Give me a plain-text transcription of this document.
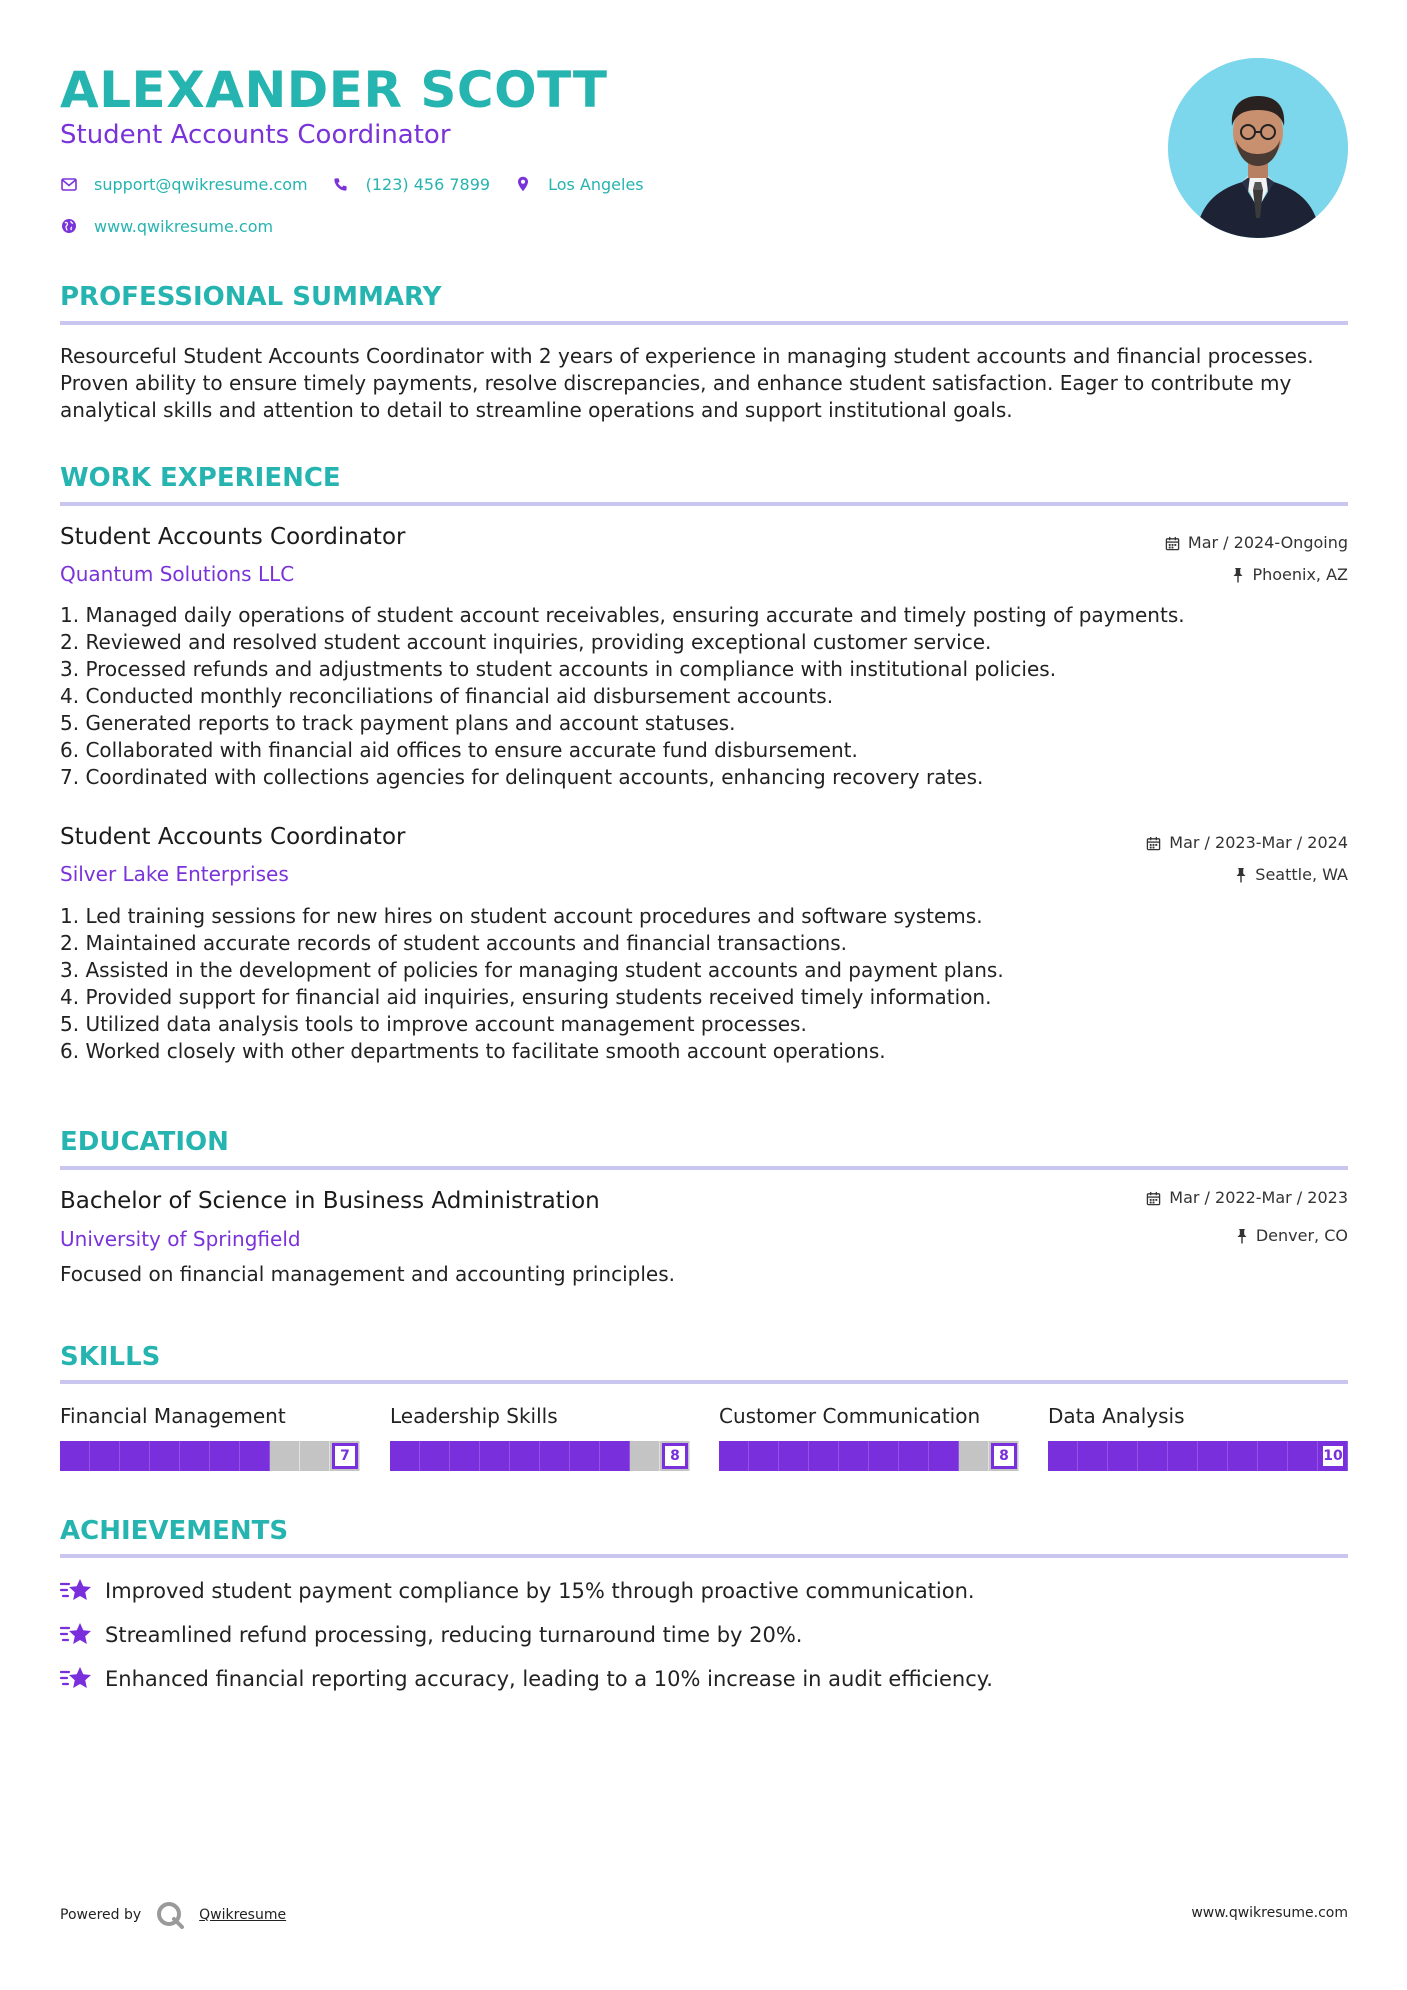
ALEXANDER SCOTT
Student Accounts Coordinator
support@qwikresume.com	(123) 456 7899	Los Angeles
www.qwikresume.com
PROFESSIONAL SUMMARY
Resourceful Student Accounts Coordinator with 2 years of experience in managing student accounts and financial processes. Proven ability to ensure timely payments, resolve discrepancies, and enhance student satisfaction. Eager to contribute my analytical skills and attention to detail to streamline operations and support institutional goals.
WORK EXPERIENCE
Student Accounts Coordinator
Quantum Solutions LLC
Mar / 2024-Ongoing
Phoenix, AZ
1. Managed daily operations of student account receivables, ensuring accurate and timely posting of payments.
2. Reviewed and resolved student account inquiries, providing exceptional customer service.
3. Processed refunds and adjustments to student accounts in compliance with institutional policies.
4. Conducted monthly reconciliations of financial aid disbursement accounts.
5. Generated reports to track payment plans and account statuses.
6. Collaborated with financial aid offices to ensure accurate fund disbursement.
7. Coordinated with collections agencies for delinquent accounts, enhancing recovery rates.
Student Accounts Coordinator
Silver Lake Enterprises
Mar / 2023-Mar / 2024
Seattle, WA
1. Led training sessions for new hires on student account procedures and software systems.
2. Maintained accurate records of student accounts and financial transactions.
3. Assisted in the development of policies for managing student accounts and payment plans.
4. Provided support for financial aid inquiries, ensuring students received timely information.
5. Utilized data analysis tools to improve account management processes.
6. Worked closely with other departments to facilitate smooth account operations.
EDUCATION
Bachelor of Science in Business Administration
University of Springfield
Mar / 2022-Mar / 2023
Denver, CO
Focused on financial management and accounting principles.
SKILLS
Financial Management
7
Leadership Skills
8
Customer Communication
8
Data Analysis
10
ACHIEVEMENTS
Improved student payment compliance by 15% through proactive communication.
Streamlined refund processing, reducing turnaround time by 20%.
Enhanced financial reporting accuracy, leading to a 10% increase in audit efficiency.
Powered by	Qwikresume	www.qwikresume.com
